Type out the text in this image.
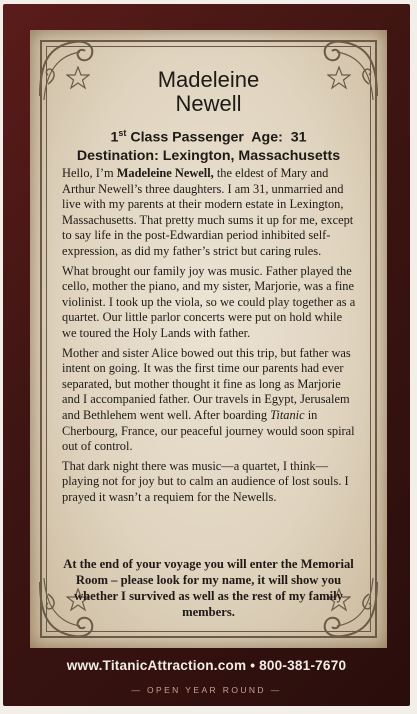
Madeleine
Newell
1st Class Passenger  Age:  31
Destination: Lexington, Massachusetts

Hello, I’m Madeleine Newell, the eldest of Mary and Arthur Newell’s three daughters. I am 31, unmarried and live with my parents at their modern estate in Lexington, Massachusetts. That pretty much sums it up for me, except to say life in the post-Edwardian period inhibited self-expression, as did my father’s strict but caring rules.

What brought our family joy was music. Father played the cello, mother the piano, and my sister, Marjorie, was a fine violinist. I took up the viola, so we could play together as a quartet. Our little parlor concerts were put on hold while we toured the Holy Lands with father.

Mother and sister Alice bowed out this trip, but father was intent on going. It was the first time our parents had ever separated, but mother thought it fine as long as Marjorie and I accompanied father. Our travels in Egypt, Jerusalem and Bethlehem went well. After boarding Titanic in Cherbourg, France, our peaceful journey would soon spiral out of control.

That dark night there was music—a quartet, I think—playing not for joy but to calm an audience of lost souls. I prayed it wasn’t a requiem for the Newells.

At the end of your voyage you will enter the Memorial Room – please look for my name, it will show you whether I survived as well as the rest of my family members.
www.TitanicAttraction.com • 800-381-7670
— OPEN YEAR ROUND —
